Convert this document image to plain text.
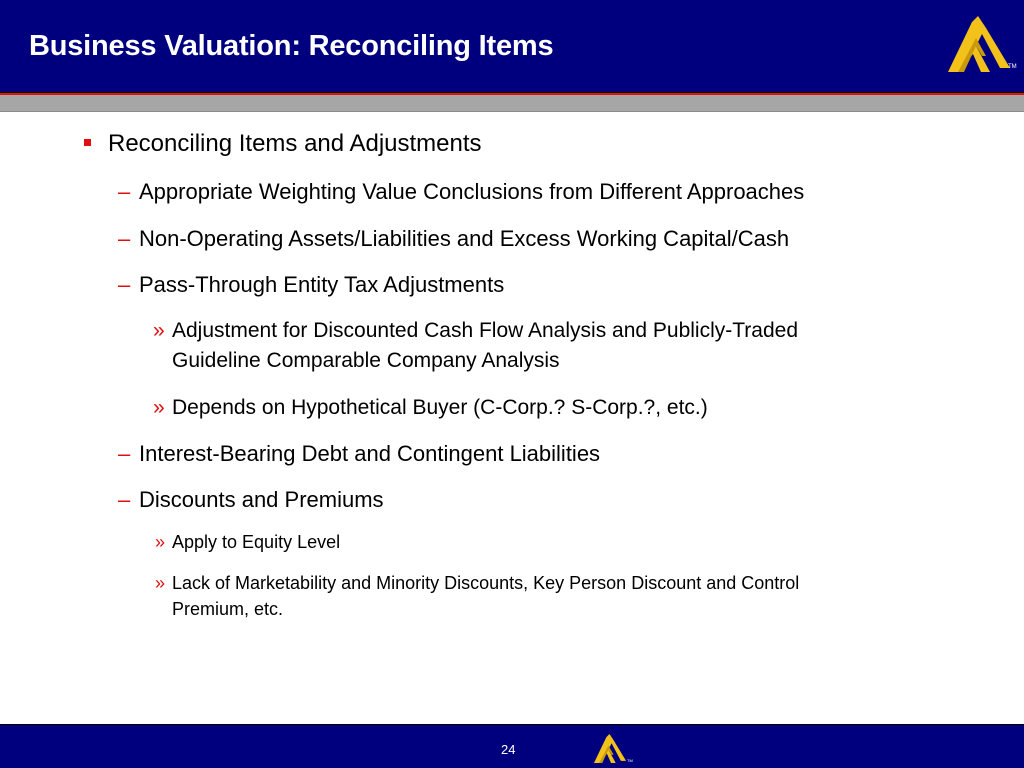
Business Valuation: Reconciling Items
TM
Reconciling Items and Adjustments
– Appropriate Weighting Value Conclusions from Different Approaches
– Non-Operating Assets/Liabilities and Excess Working Capital/Cash
– Pass-Through Entity Tax Adjustments
» Adjustment for Discounted Cash Flow Analysis and Publicly-Traded
Guideline Comparable Company Analysis
» Depends on Hypothetical Buyer (C-Corp.? S-Corp.?, etc.)
– Interest-Bearing Debt and Contingent Liabilities
– Discounts and Premiums
» Apply to Equity Level
» Lack of Marketability and Minority Discounts, Key Person Discount and Control
Premium, etc.
24
TM
